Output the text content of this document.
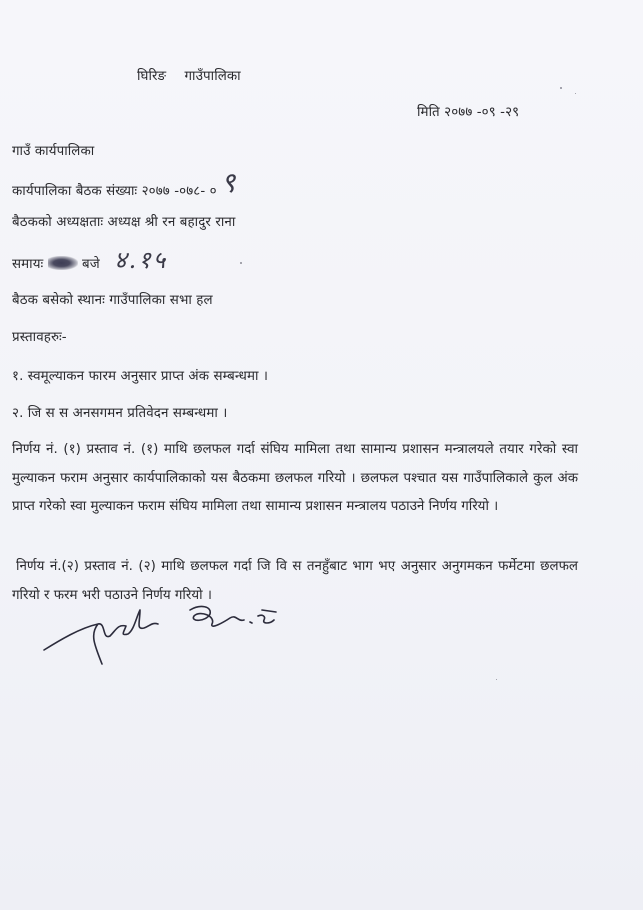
घिरिङ गाउँपालिका
मिति २०७७ -०९ -२९
गाउँ कार्यपालिका
कार्यपालिका बैठक संख्याः २०७७ -०७८- ० ९
बैठकको अध्यक्षताः अध्यक्ष श्री रन बहादुर राना
समायः	बजे ४.१५
बैठक बसेको स्थानः गाउँपालिका सभा हल
प्रस्तावहरुः-
१. स्वमूल्याकन फारम अनुसार प्राप्त अंक सम्बन्धमा ।
२. जि स स अनसगमन प्रतिवेदन सम्बन्धमा ।
निर्णय नं. (१) प्रस्ताव नं. (१) माथि छलफल गर्दा संघिय मामिला तथा सामान्य प्रशासन मन्त्रालयले तयार गरेको स्वा मुल्याकन फराम अनुसार कार्यपालिकाको यस बैठकमा छलफल गरियो । छलफल पश्चात यस गाउँपालिकाले कुल अंक प्राप्त गरेको स्वा मुल्याकन फराम संघिय मामिला तथा सामान्य प्रशासन मन्त्रालय पठाउने निर्णय गरियो ।
निर्णय नं.(२) प्रस्ताव नं. (२) माथि छलफल गर्दा जि वि स तनहुँबाट भाग भए अनुसार अनुगमकन फर्मेटमा छलफल गरियो र फरम भरी पठाउने निर्णय गरियो ।
